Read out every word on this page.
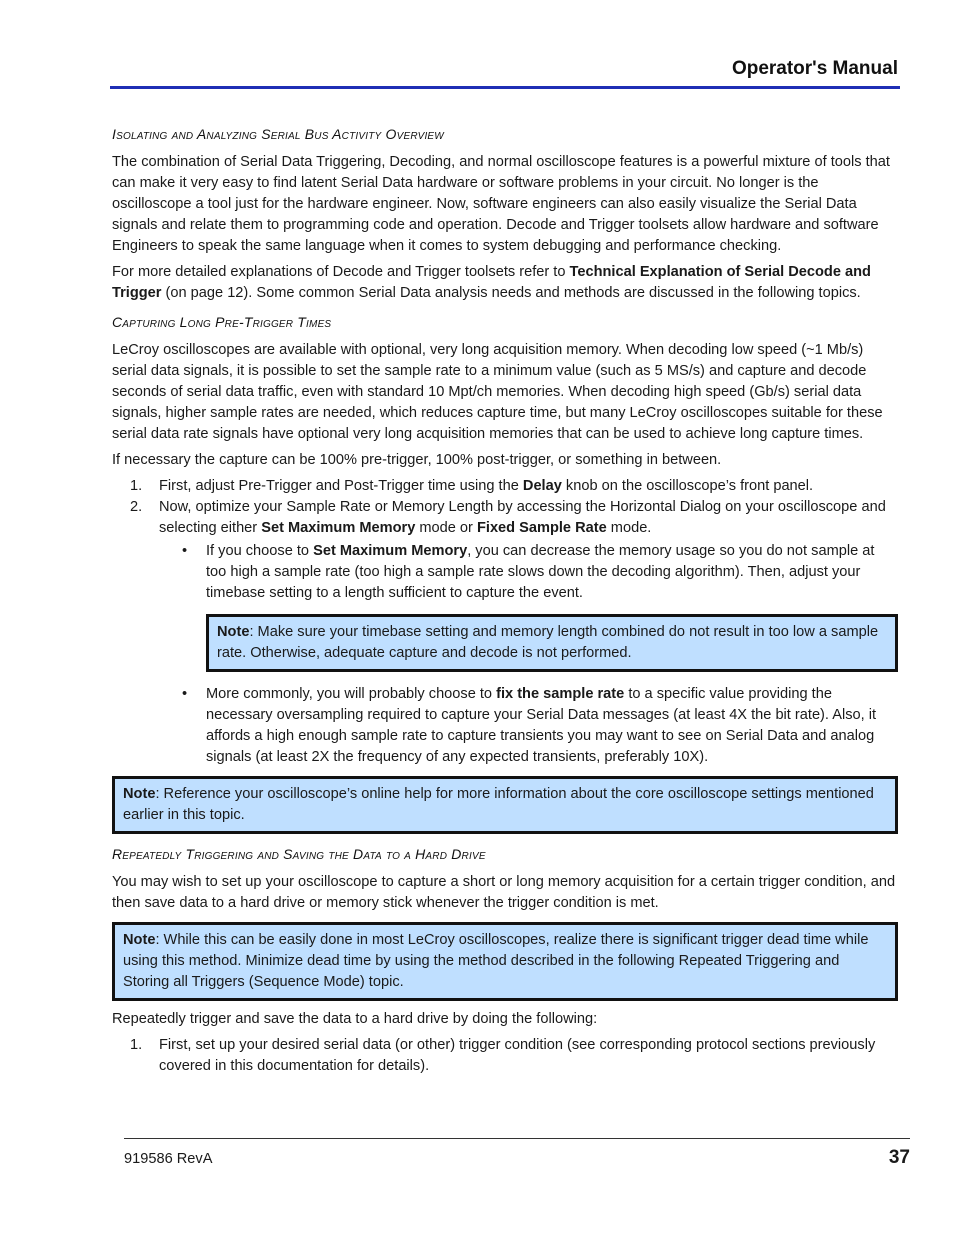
Operator's Manual
Isolating and Analyzing Serial Bus Activity Overview

The combination of Serial Data Triggering, Decoding, and normal oscilloscope features is a powerful mixture of tools that can make it very easy to find latent Serial Data hardware or software problems in your circuit. No longer is the oscilloscope a tool just for the hardware engineer. Now, software engineers can also easily visualize the Serial Data signals and relate them to programming code and operation. Decode and Trigger toolsets allow hardware and software Engineers to speak the same language when it comes to system debugging and performance checking.

For more detailed explanations of Decode and Trigger toolsets refer to Technical Explanation of Serial Decode and Trigger (on page 12). Some common Serial Data analysis needs and methods are discussed in the following topics.

Capturing Long Pre-Trigger Times

LeCroy oscilloscopes are available with optional, very long acquisition memory. When decoding low speed (~1 Mb/s) serial data signals, it is possible to set the sample rate to a minimum value (such as 5 MS/s) and capture and decode seconds of serial data traffic, even with standard 10 Mpt/ch memories. When decoding high speed (Gb/s) serial data signals, higher sample rates are needed, which reduces capture time, but many LeCroy oscilloscopes suitable for these serial data rate signals have optional very long acquisition memories that can be used to achieve long capture times.

If necessary the capture can be 100% pre-trigger, 100% post-trigger, or something in between.

1. First, adjust Pre-Trigger and Post-Trigger time using the Delay knob on the oscilloscope’s front panel.
2. Now, optimize your Sample Rate or Memory Length by accessing the Horizontal Dialog on your oscilloscope and selecting either Set Maximum Memory mode or Fixed Sample Rate mode.
• If you choose to Set Maximum Memory, you can decrease the memory usage so you do not sample at too high a sample rate (too high a sample rate slows down the decoding algorithm). Then, adjust your timebase setting to a length sufficient to capture the event.
Note: Make sure your timebase setting and memory length combined do not result in too low a sample rate. Otherwise, adequate capture and decode is not performed.
• More commonly, you will probably choose to fix the sample rate to a specific value providing the necessary oversampling required to capture your Serial Data messages (at least 4X the bit rate). Also, it affords a high enough sample rate to capture transients you may want to see on Serial Data and analog signals (at least 2X the frequency of any expected transients, preferably 10X).
Note: Reference your oscilloscope’s online help for more information about the core oscilloscope settings mentioned earlier in this topic.
Repeatedly Triggering and Saving the Data to a Hard Drive

You may wish to set up your oscilloscope to capture a short or long memory acquisition for a certain trigger condition, and then save data to a hard drive or memory stick whenever the trigger condition is met.

Note: While this can be easily done in most LeCroy oscilloscopes, realize there is significant trigger dead time while using this method. Minimize dead time by using the method described in the following Repeated Triggering and Storing all Triggers (Sequence Mode) topic.

Repeatedly trigger and save the data to a hard drive by doing the following:

1. First, set up your desired serial data (or other) trigger condition (see corresponding protocol sections previously covered in this documentation for details).
919586 RevA	37
